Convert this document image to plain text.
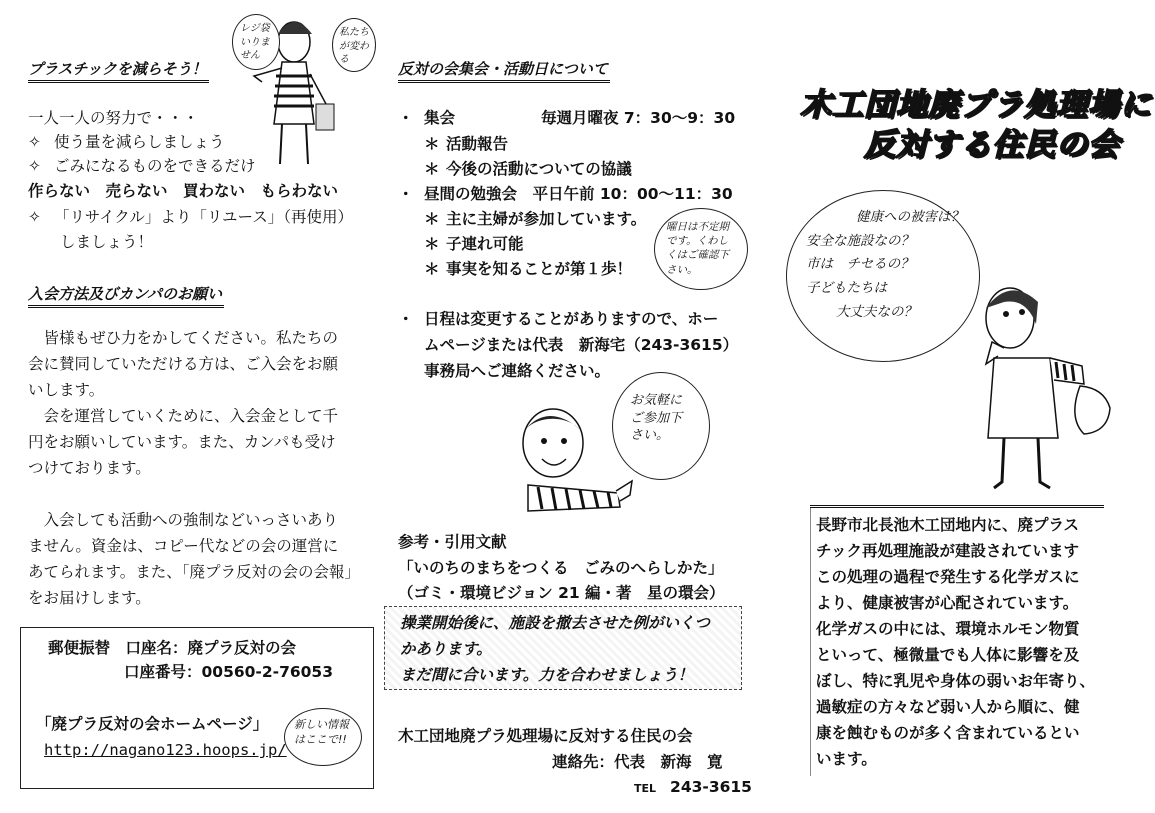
プラスチックを減らそう！
レジ袋いりません
私たちが変わる
一人一人の努力で・・・
✧ 使う量を減らしましょう
✧ ごみになるものをできるだけ
作らない　売らない　買わない　もらわない
✧ 「リサイクル」より「リユース」（再使用）
しましょう！
入会方法及びカンパのお願い

皆様もぜひ力をかしてください。私たちの

会に賛同していただける方は、ご入会をお願

いします。

会を運営していくために、入会金として千

円をお願いしています。また、カンパも受け

つけております。

入会しても活動への強制などいっさいあり

ません。資金は、コピー代などの会の運営に

あてられます。また、「廃プラ反対の会の会報」

をお届けします。

郵便振替　口座名：廃プラ反対の会
口座番号：00560-2-76053
「廃プラ反対の会ホームページ」
http://nagano123.hoops.jp/
新しい情報はここで!!
反対の会集会・活動日について
・ 集会	毎週月曜夜 7：30～9：30
＊ 活動報告
＊ 今後の活動についての協議
・ 昼間の勉強会　平日午前 10：00～11：30
＊ 主に主婦が参加しています。
＊ 子連れ可能
＊ 事実を知ることが第１歩！
曜日は不定期です。くわしくはご確認下さい。

・ 日程は変更することがありますので、ホー

ムページまたは代表　新海宅（243-3615）

事務局へご連絡ください。

お気軽にご参加下さい。
参考・引用文献
「いのちのまちをつくる　ごみのへらしかた」
（ゴミ・環境ビジョン 21 編・著　星の環会）

操業開始後に、施設を撤去させた例がいくつ

かあります。

まだ間に合います。力を合わせましょう！

木工団地廃プラ処理場に反対する住民の会
連絡先：代表　新海　寛
TEL 243-3615
木工団地廃プラ処理場に
反対する住民の会
健康への被害は？
安全な施設なの？
市は　チセるの？
子どもたちは
大丈夫なの？

長野市北長池木工団地内に、廃プラス

チック再処理施設が建設されています

この処理の過程で発生する化学ガスに

より、健康被害が心配されています。

化学ガスの中には、環境ホルモン物質

といって、極微量でも人体に影響を及

ぼし、特に乳児や身体の弱いお年寄り、

過敏症の方々など弱い人から順に、健

康を蝕むものが多く含まれているとい

います。
